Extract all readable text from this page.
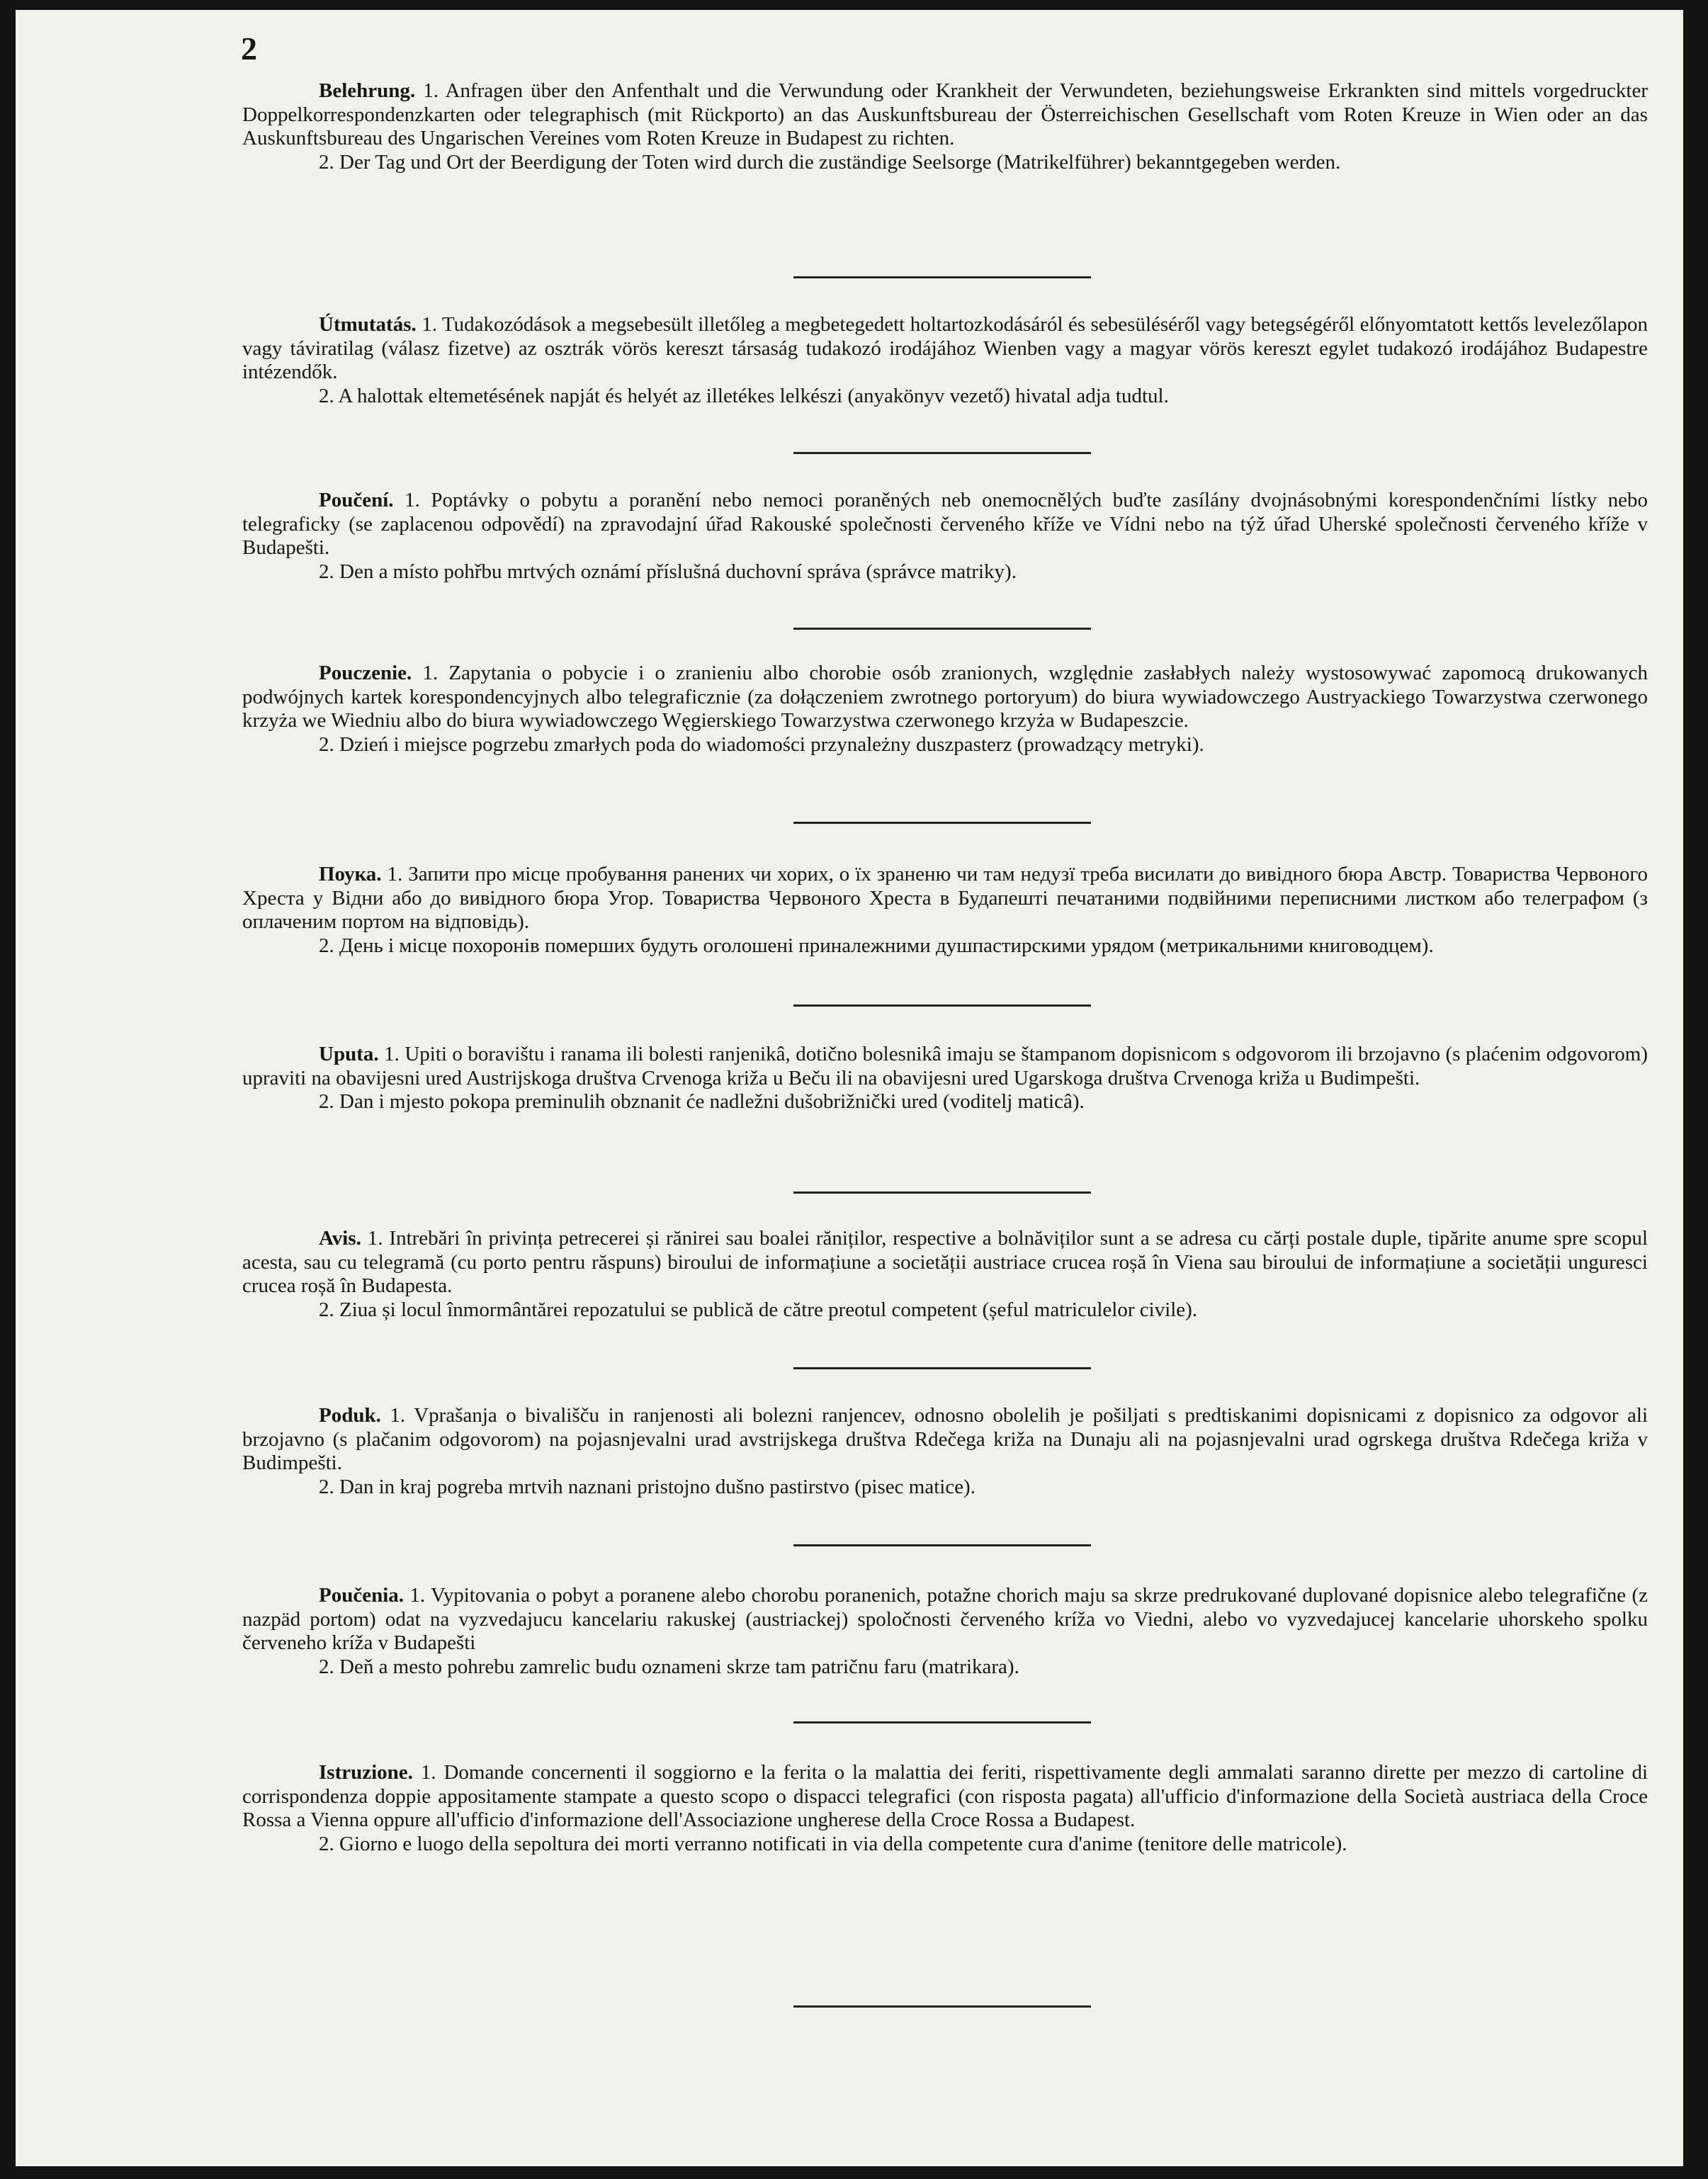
2

Belehrung. 1. Anfragen über den Anfenthalt und die Verwundung oder Krankheit der Verwundeten, beziehungsweise Erkrankten sind mittels vorgedruckter Doppelkorrespondenzkarten oder telegraphisch (mit Rückporto) an das Auskunftsbureau der Österreichischen Gesellschaft vom Roten Kreuze in Wien oder an das Auskunftsbureau des Ungarischen Vereines vom Roten Kreuze in Budapest zu richten.

2. Der Tag und Ort der Beerdigung der Toten wird durch die zuständige Seelsorge (Matrikelführer) bekanntgegeben werden.

Útmutatás. 1. Tudakozódások a megsebesült illetőleg a megbetegedett holtartozkodásáról és sebesüléséről vagy betegségéről előnyomtatott kettős levelezőlapon vagy táviratilag (válasz fizetve) az osztrák vörös kereszt társaság tudakozó irodájához Wienben vagy a magyar vörös kereszt egylet tudakozó irodájához Budapestre intézendők.

2. A halottak eltemetésének napját és helyét az illetékes lelkészi (anyakönyv vezető) hivatal adja tudtul.

Poučení. 1. Poptávky o pobytu a poranění nebo nemoci poraněných neb onemocnělých buďte zasílány dvojnásobnými korespondenčními lístky nebo telegraficky (se zaplacenou odpovědí) na zpravodajní úřad Rakouské společnosti červeného kříže ve Vídni nebo na týž úřad Uherské společnosti červeného kříže v Budapešti.

2. Den a místo pohřbu mrtvých oznámí příslušná duchovní správa (správce matriky).

Pouczenie. 1. Zapytania o pobycie i o zranieniu albo chorobie osób zranionych, względnie zasłabłych należy wystosowywać zapomocą drukowanych podwójnych kartek korespondencyjnych albo telegraficznie (za dołączeniem zwrotnego portoryum) do biura wywiadowczego Austryackiego Towarzystwa czerwonego krzyża we Wiedniu albo do biura wywiadowczego Węgierskiego Towarzystwa czerwonego krzyża w Budapeszcie.

2. Dzień i miejsce pogrzebu zmarłych poda do wiadomości przynależny duszpasterz (prowadzący metryki).

Поука. 1. Запити про місце пробування ранених чи хорих, о їх зраненю чи там недузї треба висилати до вивідного бюра Австр. Товариства Червоного Хреста у Відни або до вивідного бюра Угор. Товариства Червоного Хреста в Будапешті печатаними подвійними переписними листком або телеграфом (з оплаченим портом на відповідь).

2. День і місце похоронів померших будуть оголошені приналежними душпастирскими урядом (метрикальними книговодцем).

Uputa. 1. Upiti o boravištu i ranama ili bolesti ranjenikâ, dotično bolesnikâ imaju se štampanom dopisnicom s odgovorom ili brzojavno (s plaćenim odgovorom) upraviti na obavijesni ured Austrijskoga društva Crvenoga križa u Beču ili na obavijesni ured Ugarskoga društva Crvenoga križa u Budimpešti.

2. Dan i mjesto pokopa preminulih obznanit će nadležni dušobrižnički ured (voditelj maticâ).

Avis. 1. Intrebări în privința petrecerei și rănirei sau boalei răniților, respective a bolnăviților sunt a se adresa cu cărți postale duple, tipărite anume spre scopul acesta, sau cu telegramă (cu porto pentru răspuns) biroului de informațiune a societății austriace crucea roșă în Viena sau biroului de informațiune a societății ungurescі crucea roșă în Budapesta.

2. Ziua și locul înmormântărei repozatului se publică de către preotul competent (șeful matriculelor civile).

Poduk. 1. Vprašanja o bivališču in ranjenosti ali bolezni ranjencev, odnosno obolelih je pošiljati s predtiskanimi dopisnicami z dopisnico za odgovor ali brzojavno (s plačanim odgovorom) na pojasnjevalni urad avstrijskega društva Rdečega križa na Dunaju ali na pojasnjevalni urad ogrskega društva Rdečega križa v Budimpešti.

2. Dan in kraj pogreba mrtvih naznani pristojno dušno pastirstvo (pisec matice).

Poučenia. 1. Vypitovania o pobyt a poranene alebo chorobu poranenich, potažne chorich maju sa skrze predrukované duplované dopisnice alebo telegrafične (z nazpäd portom) odat na vyzvedajucu kancelariu rakuskej (austriackej) spoločnosti červeného kríža vo Viedni, alebo vo vyzvedajucej kancelarie uhorskeho spolku červeneho kríža v Budapešti

2. Deň a mesto pohrebu zamrelic budu oznameni skrze tam patričnu faru (matrikara).

Istruzione. 1. Domande concernenti il soggiorno e la ferita o la malattia dei feriti, rispettivamente degli ammalati saranno dirette per mezzo di cartoline di corrispondenza doppie appositamente stampate a questo scopo o dispacci telegrafici (con risposta pagata) all'ufficio d'informazione della Società austriaca della Croce Rossa a Vienna oppure all'ufficio d'informazione dell'Associazione ungherese della Croce Rossa a Budapest.

2. Giorno e luogo della sepoltura dei morti verranno notificati in via della competente cura d'anime (tenitore delle matricole).
